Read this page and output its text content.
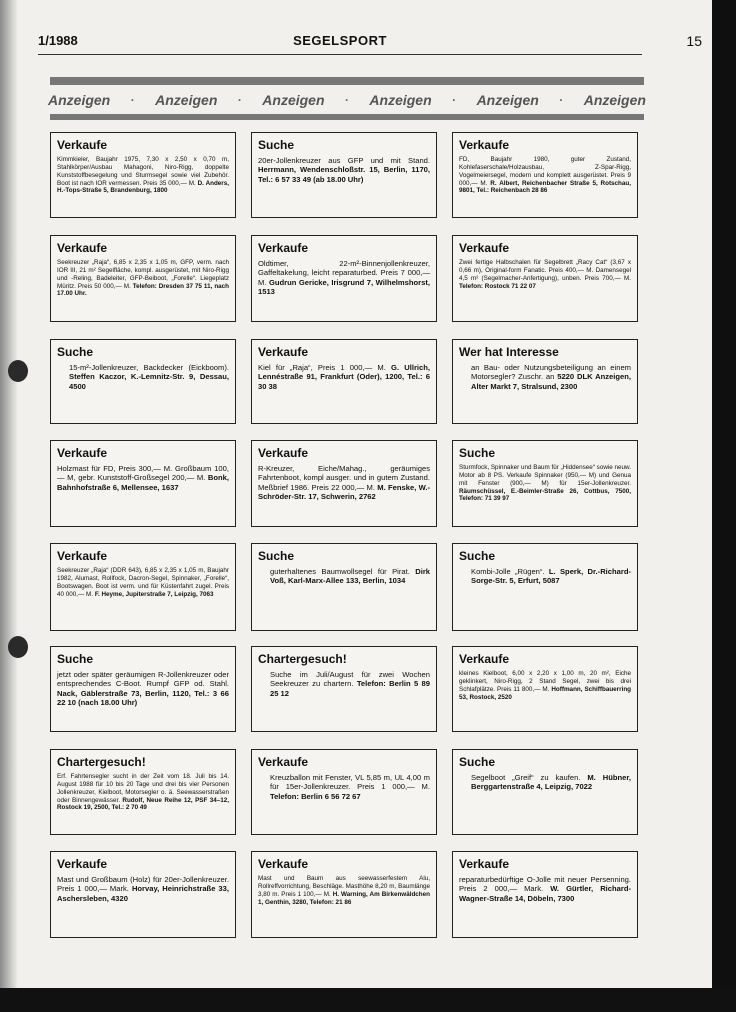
1/1988	SEGELSPORT	15
Anzeigen · Anzeigen · Anzeigen · Anzeigen · Anzeigen · Anzeigen
Verkaufe
Kimmkieler, Baujahr 1975, 7,30 x 2,50 x 0,70 m, Stahlkörper/Ausbau Mahagoni, Niro-Rigg, doppelte Kunststoffbesegelung und Sturmsegel sowie viel Zubehör. Boot ist nach IOR vermessen. Preis 35 000,— M. D. Anders, H.-Tops-Straße 5, Brandenburg, 1800
Suche
20er-Jollenkreuzer aus GFP und mit Stand. Herrmann, Wendenschloßstr. 15, Berlin, 1170, Tel.: 6 57 33 49 (ab 18.00 Uhr)
Verkaufe
FD, Baujahr 1980, guter Zustand, Kohlefaserschale/Holzausbau, Z-Spar-Rigg, Vogelmeiersegel, modern und komplett ausgerüstet. Preis 9 000,— M. R. Albert, Reichenbacher Straße 5, Rotschau, 9801, Tel.: Reichenbach 28 86
Verkaufe
Seekreuzer „Raja“, 6,85 x 2,35 x 1,05 m, GFP, verm. nach IOR III, 21 m² Segelfläche, kompl. ausgerüstet, mit Niro-Rigg und -Reling, Badeleiter, GFP-Beiboot, „Forelle“. Liegeplatz Müritz. Preis 50 000,— M. Telefon: Dresden 37 75 11, nach 17.00 Uhr.
Verkaufe
Oldtimer, 22-m²-Binnenjollenkreuzer, Gaffeltakelung, leicht reparaturbed. Preis 7 000,— M. Gudrun Gericke, Irisgrund 7, Wilhelmshorst, 1513
Verkaufe
Zwei fertige Halbschalen für Segelbrett „Racy Cat“ (3,67 x 0,66 m), Original-form Fanatic. Preis 400,— M. Damensegel 4,5 m² (Segelmacher-Anfertigung), unben. Preis 700,— M. Telefon: Rostock 71 22 07
Suche
15-m²-Jollenkreuzer, Backdecker (Eickboom). Steffen Kaczor, K.-Lemnitz-Str. 9, Dessau, 4500
Verkaufe
Kiel für „Raja“, Preis 1 000,— M. G. Ullrich, Lennéstraße 91, Frankfurt (Oder), 1200, Tel.: 6 30 38
Wer hat Interesse
an Bau- oder Nutzungsbeteiligung an einem Motorsegler? Zuschr. an 5220 DLK Anzeigen, Alter Markt 7, Stralsund, 2300
Verkaufe
Holzmast für FD, Preis 300,— M. Großbaum 100,— M, gebr. Kunststoff-Großsegel 200,— M. Bonk, Bahnhofstraße 6, Mellensee, 1637
Verkaufe
R-Kreuzer, Eiche/Mahag., geräumiges Fahrtenboot, kompl ausger. und in gutem Zustand. Meßbrief 1986. Preis 22 000,— M. M. Fenske, W.-Schröder-Str. 17, Schwerin, 2762
Suche
Sturmfock, Spinnaker und Baum für „Hiddensee“ sowie neuw. Motor ab 8 PS. Verkaufe Spinnaker (950,— M) und Genua mit Fenster (900,— M) für 15er-Jollenkreuzer. Räumschüssel, E.-Beimler-Straße 26, Cottbus, 7500, Telefon: 71 39 97
Verkaufe
Seekreuzer „Raja“ (DDR 643), 6,85 x 2,35 x 1,05 m, Baujahr 1982, Alumast, Rollfock, Dacron-Segel, Spinnaker, „Forelle“, Bootswagen. Boot ist verm. und für Küstenfahrt zugel. Preis 40 000,— M. F. Heyme, Jupiterstraße 7, Leipzig, 7063
Suche
guterhaltenes Baumwollsegel für Pirat. Dirk Voß, Karl-Marx-Allee 133, Berlin, 1034
Suche
Kombi-Jolle „Rügen“. L. Sperk, Dr.-Richard-Sorge-Str. 5, Erfurt, 5087
Suche
jetzt oder später geräumigen R-Jollenkreuzer oder entsprechendes C-Boot. Rumpf GFP od. Stahl. Nack, Gäblerstraße 73, Berlin, 1120, Tel.: 3 66 22 10 (nach 18.00 Uhr)
Chartergesuch!
Suche im Juli/August für zwei Wochen Seekreuzer zu chartern. Telefon: Berlin 5 89 25 12
Verkaufe
kleines Kielboot, 6,00 x 2,20 x 1,00 m, 20 m², Eiche geklinkert, Niro-Rigg, 2 Stand Segel, zwei bis drei Schlafplätze. Preis 11 800,— M. Hoffmann, Schiffbauerring 53, Rostock, 2520
Chartergesuch!
Erf. Fahrtensegler sucht in der Zeit vom 18. Juli bis 14. August 1988 für 10 bis 20 Tage und drei bis vier Personen Jollenkreuzer, Kielboot, Motorsegler o. ä. Seewasserstraßen oder Binnengewässer. Rudolf, Neue Reihe 12, PSF 34–12, Rostock 19, 2500, Tel.: 2 70 49
Verkaufe
Kreuzballon mit Fenster, VL 5,85 m, UL 4,00 m für 15er-Jollenkreuzer. Preis 1 000,— M. Telefon: Berlin 6 56 72 67
Suche
Segelboot „Greif“ zu kaufen. M. Hübner, Berggartenstraße 4, Leipzig, 7022
Verkaufe
Mast und Großbaum (Holz) für 20er-Jollenkreuzer. Preis 1 000,— Mark. Horvay, Heinrichstraße 33, Aschersleben, 4320
Verkaufe
Mast und Baum aus seewasserfestem Alu, Rollreffvorrichtung, Beschläge. Masthöhe 8,20 m, Baumlänge 3,80 m. Preis 1 100,— M. H. Warning, Am Birkenwäldchen 1, Genthin, 3280, Telefon: 21 86
Verkaufe
reparaturbedürftige O-Jolle mit neuer Persenning. Preis 2 000,— Mark. W. Gürtler, Richard-Wagner-Straße 14, Döbeln, 7300
